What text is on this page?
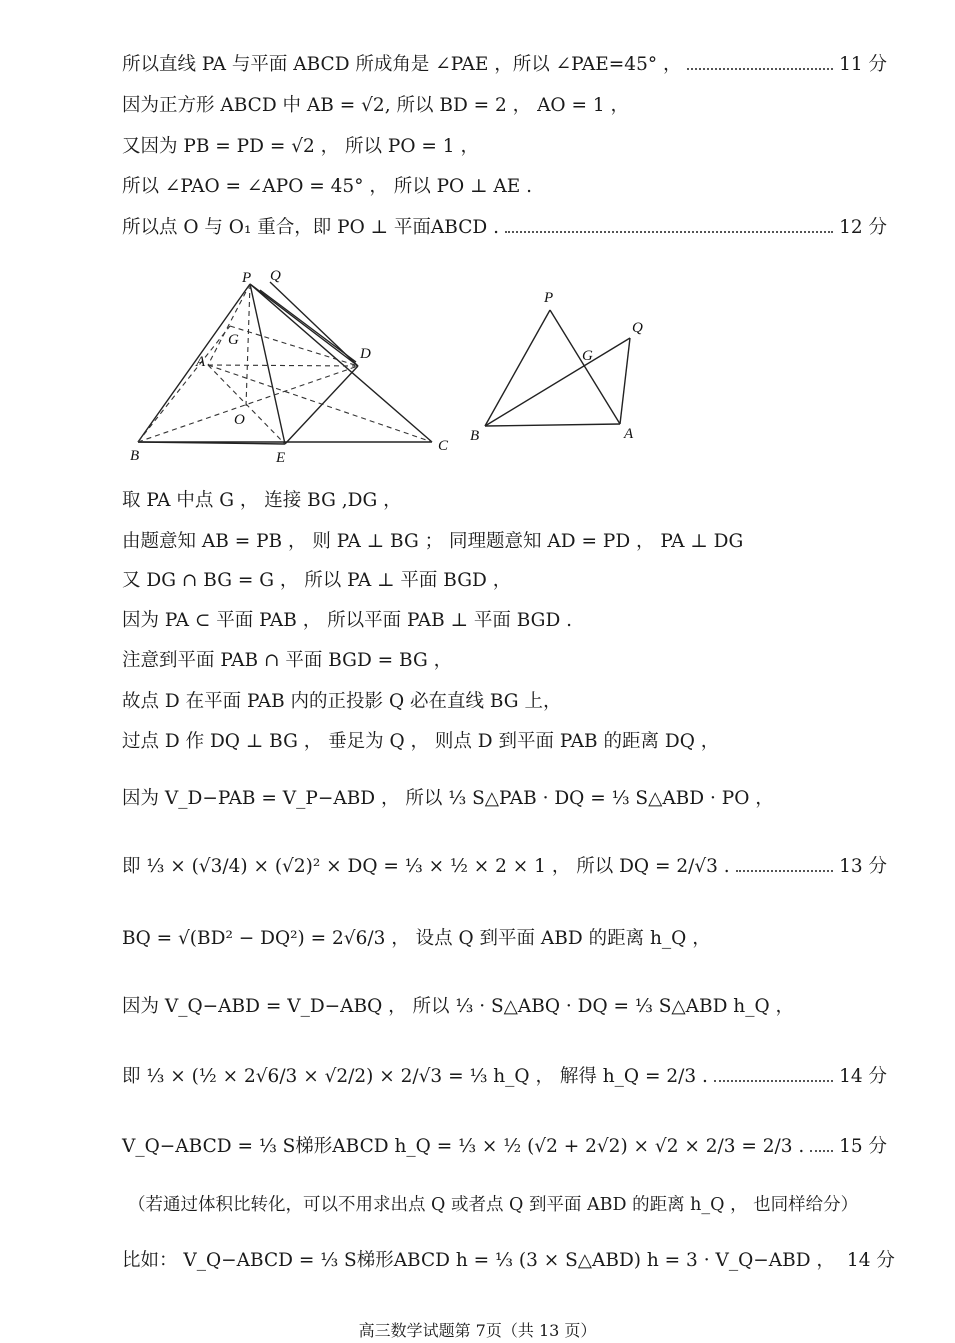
所以直线 PA 与平面 ABCD 所成角是 ∠PAE ，所以 ∠PAE=45° ，	11 分
因为正方形 ABCD 中 AB = √2, 所以 BD = 2 ， AO = 1 ，
又因为 PB = PD = √2 ， 所以 PO = 1 ，
所以 ∠PAO = ∠APO = 45° ， 所以 PO ⊥ AE .
所以点 O 与 O₁ 重合，即 PO ⊥ 平面ABCD .	12 分
P Q
G
A	D
O
B	E
C
P
Q
G
B	A
取 PA 中点 G ， 连接 BG ,DG ，
由题意知 AB = PB ， 则 PA ⊥ BG ； 同理题意知 AD = PD ， PA ⊥ DG
又 DG ∩ BG = G ， 所以 PA ⊥ 平面 BGD ，
因为 PA ⊂ 平面 PAB ， 所以平面 PAB ⊥ 平面 BGD .
注意到平面 PAB ∩ 平面 BGD = BG ，
故点 D 在平面 PAB 内的正投影 Q 必在直线 BG 上，
过点 D 作 DQ ⊥ BG ， 垂足为 Q ， 则点 D 到平面 PAB 的距离 DQ ，
因为 V_D−PAB = V_P−ABD ， 所以 ⅓ S△PAB · DQ = ⅓ S△ABD · PO ，
即 ⅓ × (√3/4) × (√2)² × DQ = ⅓ × ½ × 2 × 1 ， 所以 DQ = 2/√3 .	13 分
BQ = √(BD² − DQ²) = 2√6/3 ， 设点 Q 到平面 ABD 的距离 h_Q ，
因为 V_Q−ABD = V_D−ABQ ， 所以 ⅓ · S△ABQ · DQ = ⅓ S△ABD h_Q ，
即 ⅓ × (½ × 2√6/3 × √2/2) × 2/√3 = ⅓ h_Q ， 解得 h_Q = 2/3 .	14 分
V_Q−ABCD = ⅓ S梯形ABCD h_Q = ⅓ × ½ (√2 + 2√2) × √2 × 2/3 = 2/3 . 15 分
（若通过体积比转化，可以不用求出点 Q 或者点 Q 到平面 ABD 的距离 h_Q ， 也同样给分）
比如： V_Q−ABCD = ⅓ S梯形ABCD h = ⅓ (3 × S△ABD) h = 3 · V_Q−ABD ， 14 分
高三数学试题第 7页（共 13 页）
